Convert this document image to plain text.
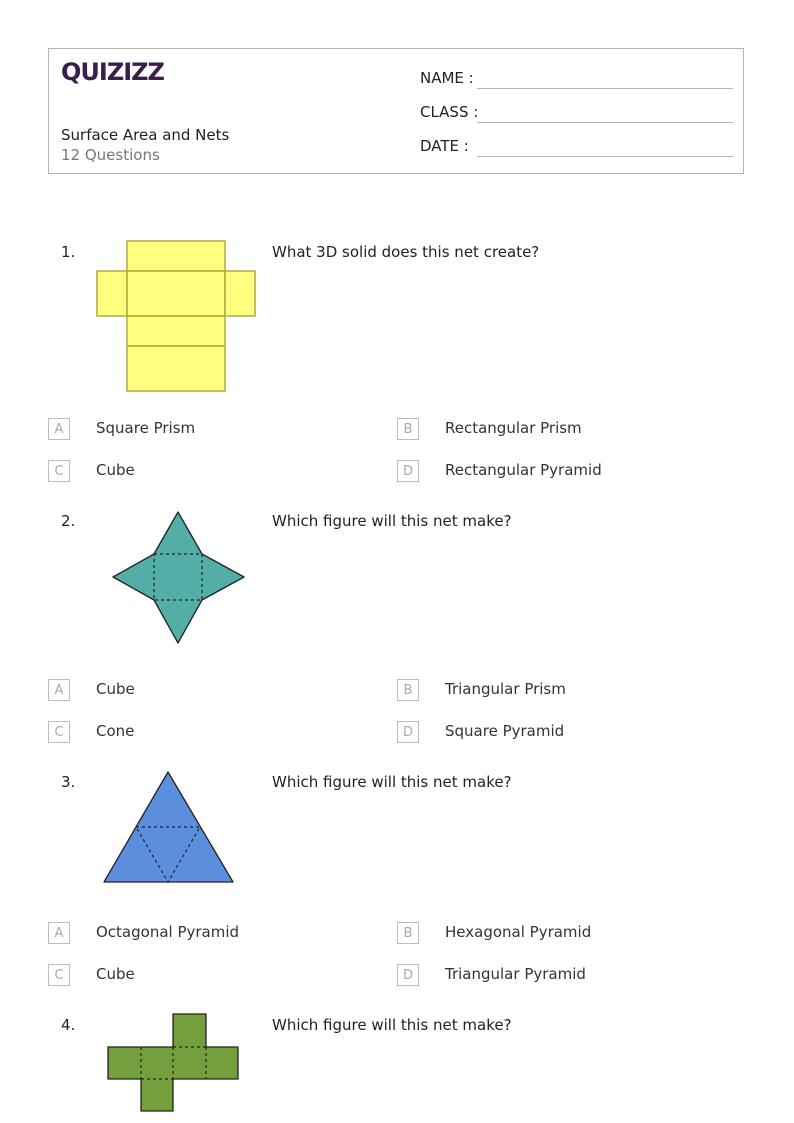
QUIZIZZ
Surface Area and Nets
12 Questions
NAME :
CLASS :
DATE :
1.	What 3D solid does this net create?
A	Square Prism	B	Rectangular Prism
C	Cube	D	Rectangular Pyramid
2.	Which figure will this net make?
A	Cube	B	Triangular Prism
C	Cone	D	Square Pyramid
3.	Which figure will this net make?
A	Octagonal Pyramid	B	Hexagonal Pyramid
C	Cube	D	Triangular Pyramid
4.	Which figure will this net make?
